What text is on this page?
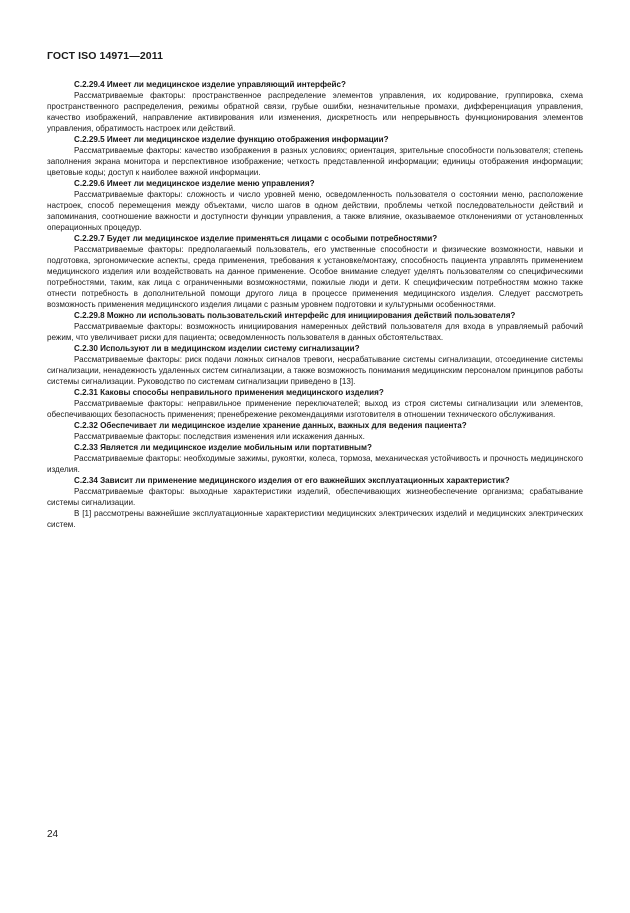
ГОСТ ISO 14971—2011

С.2.29.4 Имеет ли медицинское изделие управляющий интерфейс?

Рассматриваемые факторы: пространственное распределение элементов управления, их кодирование, группировка, схема пространственного распределения, режимы обратной связи, грубые ошибки, незначительные промахи, дифференциация управления, качество изображений, направление активирования или изменения, дискретность или непрерывность функционирования элементов управления, обратимость настроек или действий.

С.2.29.5 Имеет ли медицинское изделие функцию отображения информации?

Рассматриваемые факторы: качество изображения в разных условиях; ориентация, зрительные способности пользователя; степень заполнения экрана монитора и перспективное изображение; четкость представленной информации; единицы отображения информации; цветовые коды; доступ к наиболее важной информации.

С.2.29.6 Имеет ли медицинское изделие меню управления?

Рассматриваемые факторы: сложность и число уровней меню, осведомленность пользователя о состоянии меню, расположение настроек, способ перемещения между объектами, число шагов в одном действии, проблемы четкой последовательности действий и запоминания, соотношение важности и доступности функции управления, а также влияние, оказываемое отклонениями от установленных операционных процедур.

С.2.29.7 Будет ли медицинское изделие применяться лицами с особыми потребностями?

Рассматриваемые факторы: предполагаемый пользователь, его умственные способности и физические возможности, навыки и подготовка, эргономические аспекты, среда применения, требования к установке/монтажу, способность пациента управлять применением медицинского изделия или воздействовать на данное применение. Особое внимание следует уделять пользователям со специфическими потребностями, таким, как лица с ограниченными возможностями, пожилые люди и дети. К специфическим потребностям можно также отнести потребность в дополнительной помощи другого лица в процессе применения медицинского изделия. Следует рассмотреть возможность применения медицинского изделия лицами с разным уровнем подготовки и культурными особенностями.

С.2.29.8 Можно ли использовать пользовательский интерфейс для инициирования действий пользователя?

Рассматриваемые факторы: возможность инициирования намеренных действий пользователя для входа в управляемый рабочий режим, что увеличивает риски для пациента; осведомленность пользователя в данных обстоятельствах.

С.2.30 Используют ли в медицинском изделии систему сигнализации?

Рассматриваемые факторы: риск подачи ложных сигналов тревоги, несрабатывание системы сигнализации, отсоединение системы сигнализации, ненадежность удаленных систем сигнализации, а также возможность понимания медицинским персоналом принципов работы системы сигнализации. Руководство по системам сигнализации приведено в [13].

С.2.31 Каковы способы неправильного применения медицинского изделия?

Рассматриваемые факторы: неправильное применение переключателей; выход из строя системы сигнализации или элементов, обеспечивающих безопасность применения; пренебрежение рекомендациями изготовителя в отношении технического обслуживания.

С.2.32 Обеспечивает ли медицинское изделие хранение данных, важных для ведения пациента?

Рассматриваемые факторы: последствия изменения или искажения данных.

С.2.33 Является ли медицинское изделие мобильным или портативным?

Рассматриваемые факторы: необходимые зажимы, рукоятки, колеса, тормоза, механическая устойчивость и прочность медицинского изделия.

С.2.34 Зависит ли применение медицинского изделия от его важнейших эксплуатационных характеристик?

Рассматриваемые факторы: выходные характеристики изделий, обеспечивающих жизнеобеспечение организма; срабатывание системы сигнализации.

В [1] рассмотрены важнейшие эксплуатационные характеристики медицинских электрических изделий и медицинских электрических систем.

24
